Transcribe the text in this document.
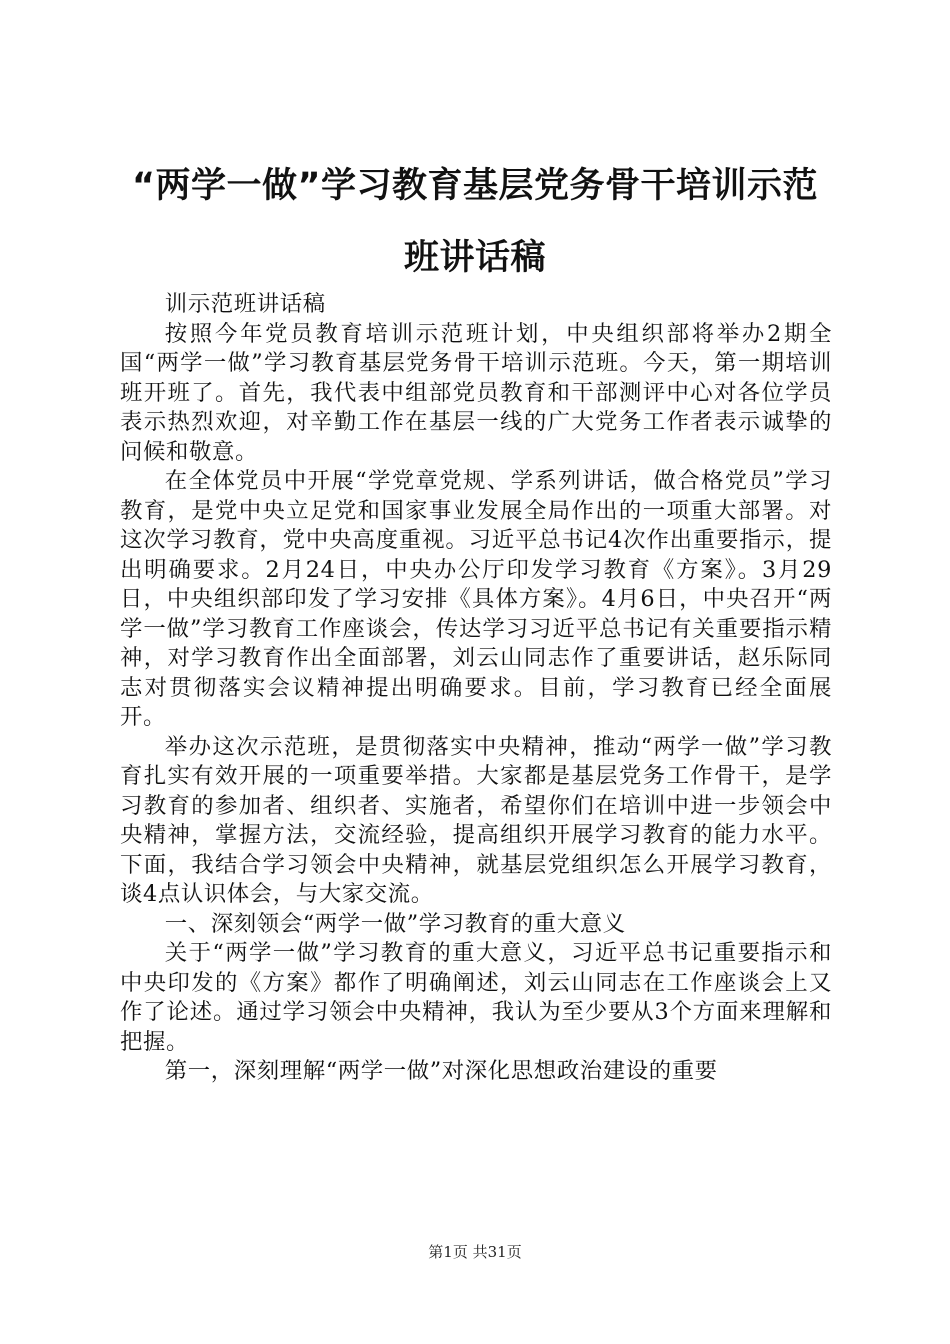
“两学一做”学习教育基层党务骨干培训示范
班讲话稿

训示范班讲话稿

按照今年党员教育培训示范班计划，中央组织部将举办2期全国“两学一做”学习教育基层党务骨干培训示范班。今天，第一期培训班开班了。首先，我代表中组部党员教育和干部测评中心对各位学员表示热烈欢迎，对辛勤工作在基层一线的广大党务工作者表示诚挚的问候和敬意。

在全体党员中开展“学党章党规、学系列讲话，做合格党员”学习教育，是党中央立足党和国家事业发展全局作出的一项重大部署。对这次学习教育，党中央高度重视。习近平总书记4次作出重要指示，提出明确要求。2月24日，中央办公厅印发学习教育《方案》。3月29日，中央组织部印发了学习安排《具体方案》。4月6日，中央召开“两学一做”学习教育工作座谈会，传达学习习近平总书记有关重要指示精神，对学习教育作出全面部署，刘云山同志作了重要讲话，赵乐际同志对贯彻落实会议精神提出明确要求。目前，学习教育已经全面展开。

举办这次示范班，是贯彻落实中央精神，推动“两学一做”学习教育扎实有效开展的一项重要举措。大家都是基层党务工作骨干，是学习教育的参加者、组织者、实施者，希望你们在培训中进一步领会中央精神，掌握方法，交流经验，提高组织开展学习教育的能力水平。下面，我结合学习领会中央精神，就基层党组织怎么开展学习教育，谈4点认识体会，与大家交流。

一、深刻领会“两学一做”学习教育的重大意义

关于“两学一做”学习教育的重大意义，习近平总书记重要指示和中央印发的《方案》都作了明确阐述，刘云山同志在工作座谈会上又作了论述。通过学习领会中央精神，我认为至少要从3个方面来理解和把握。

第一，深刻理解“两学一做”对深化思想政治建设的重要

第1页 共31页
